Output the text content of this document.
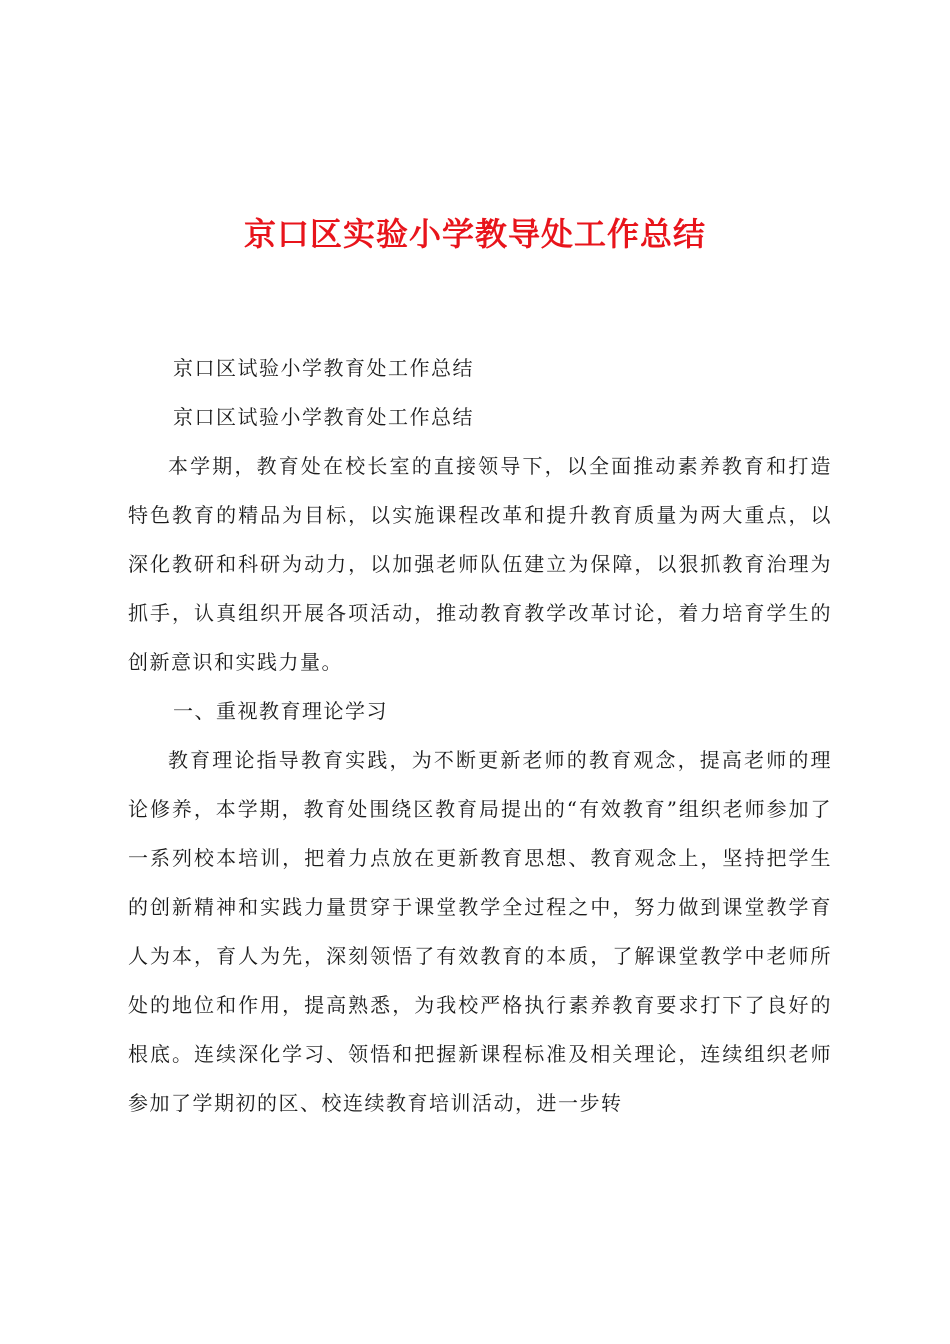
京口区实验小学教导处工作总结

京口区试验小学教育处工作总结

京口区试验小学教育处工作总结

本学期，教育处在校长室的直接领导下，以全面推动素养教育和打造特色教育的精品为目标，以实施课程改革和提升教育质量为两大重点，以深化教研和科研为动力，以加强老师队伍建立为保障，以狠抓教育治理为抓手，认真组织开展各项活动，推动教育教学改革讨论，着力培育学生的创新意识和实践力量。

一、重视教育理论学习

教育理论指导教育实践，为不断更新老师的教育观念，提高老师的理论修养，本学期，教育处围绕区教育局提出的“有效教育”组织老师参加了一系列校本培训，把着力点放在更新教育思想、教育观念上，坚持把学生的创新精神和实践力量贯穿于课堂教学全过程之中，努力做到课堂教学育人为本，育人为先，深刻领悟了有效教育的本质，了解课堂教学中老师所处的地位和作用，提高熟悉，为我校严格执行素养教育要求打下了良好的根底。连续深化学习、领悟和把握新课程标准及相关理论，连续组织老师参加了学期初的区、校连续教育培训活动，进一步转
